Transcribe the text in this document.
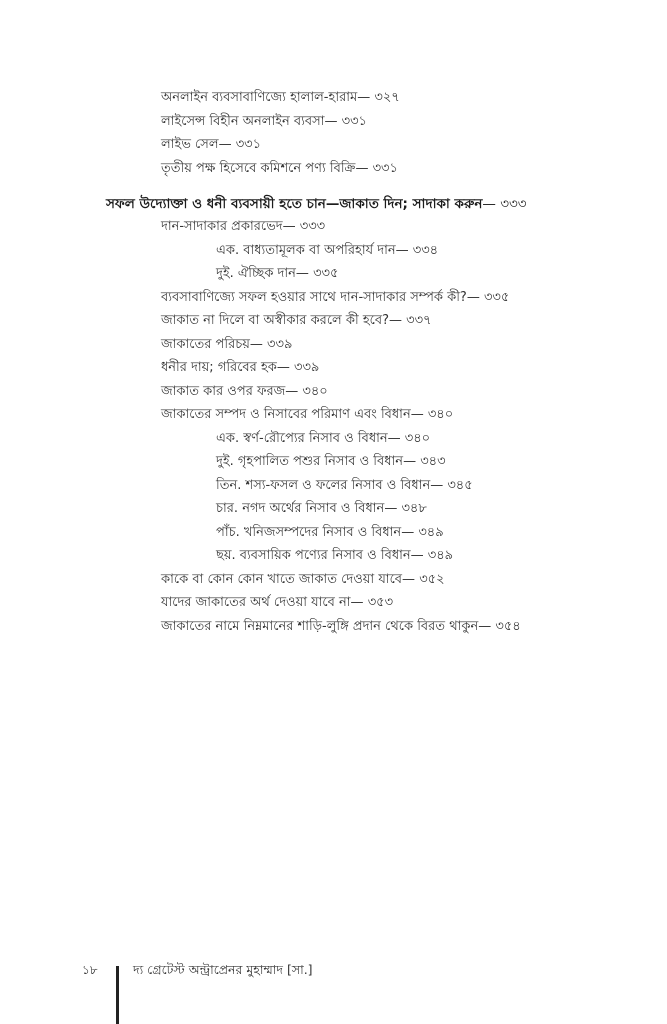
অনলাইন ব্যবসাবাণিজ্যে হালাল-হারাম— ৩২৭
লাইসেন্স বিহীন অনলাইন ব্যবসা— ৩৩১
লাইভ সেল— ৩৩১
তৃতীয় পক্ষ হিসেবে কমিশনে পণ্য বিক্রি— ৩৩১
সফল উদ্যোক্তা ও ধনী ব্যবসায়ী হতে চান—জাকাত দিন; সাদাকা করুন— ৩৩৩
দান-সাদাকার প্রকারভেদ— ৩৩৩
এক. বাধ্যতামূলক বা অপরিহার্য দান— ৩৩৪
দুই. ঐচ্ছিক দান— ৩৩৫
ব্যবসাবাণিজ্যে সফল হওয়ার সাথে দান-সাদাকার সম্পর্ক কী?— ৩৩৫
জাকাত না দিলে বা অস্বীকার করলে কী হবে?— ৩৩৭
জাকাতের পরিচয়— ৩৩৯
ধনীর দায়; গরিবের হক— ৩৩৯
জাকাত কার ওপর ফরজ— ৩৪০
জাকাতের সম্পদ ও নিসাবের পরিমাণ এবং বিধান— ৩৪০
এক. স্বর্ণ-রৌপ্যের নিসাব ও বিধান— ৩৪০
দুই. গৃহপালিত পশুর নিসাব ও বিধান— ৩৪৩
তিন. শস্য-ফসল ও ফলের নিসাব ও বিধান— ৩৪৫
চার. নগদ অর্থের নিসাব ও বিধান— ৩৪৮
পাঁচ. খনিজসম্পদের নিসাব ও বিধান— ৩৪৯
ছয়. ব্যবসায়িক পণ্যের নিসাব ও বিধান— ৩৪৯
কাকে বা কোন কোন খাতে জাকাত দেওয়া যাবে— ৩৫২
যাদের জাকাতের অর্থ দেওয়া যাবে না— ৩৫৩
জাকাতের নামে নিম্নমানের শাড়ি-লুঙ্গি প্রদান থেকে বিরত থাকুন— ৩৫৪
১৮	দ্য গ্রেটেস্ট অন্ট্রাপ্রেনর মুহাম্মাদ [সা.]
